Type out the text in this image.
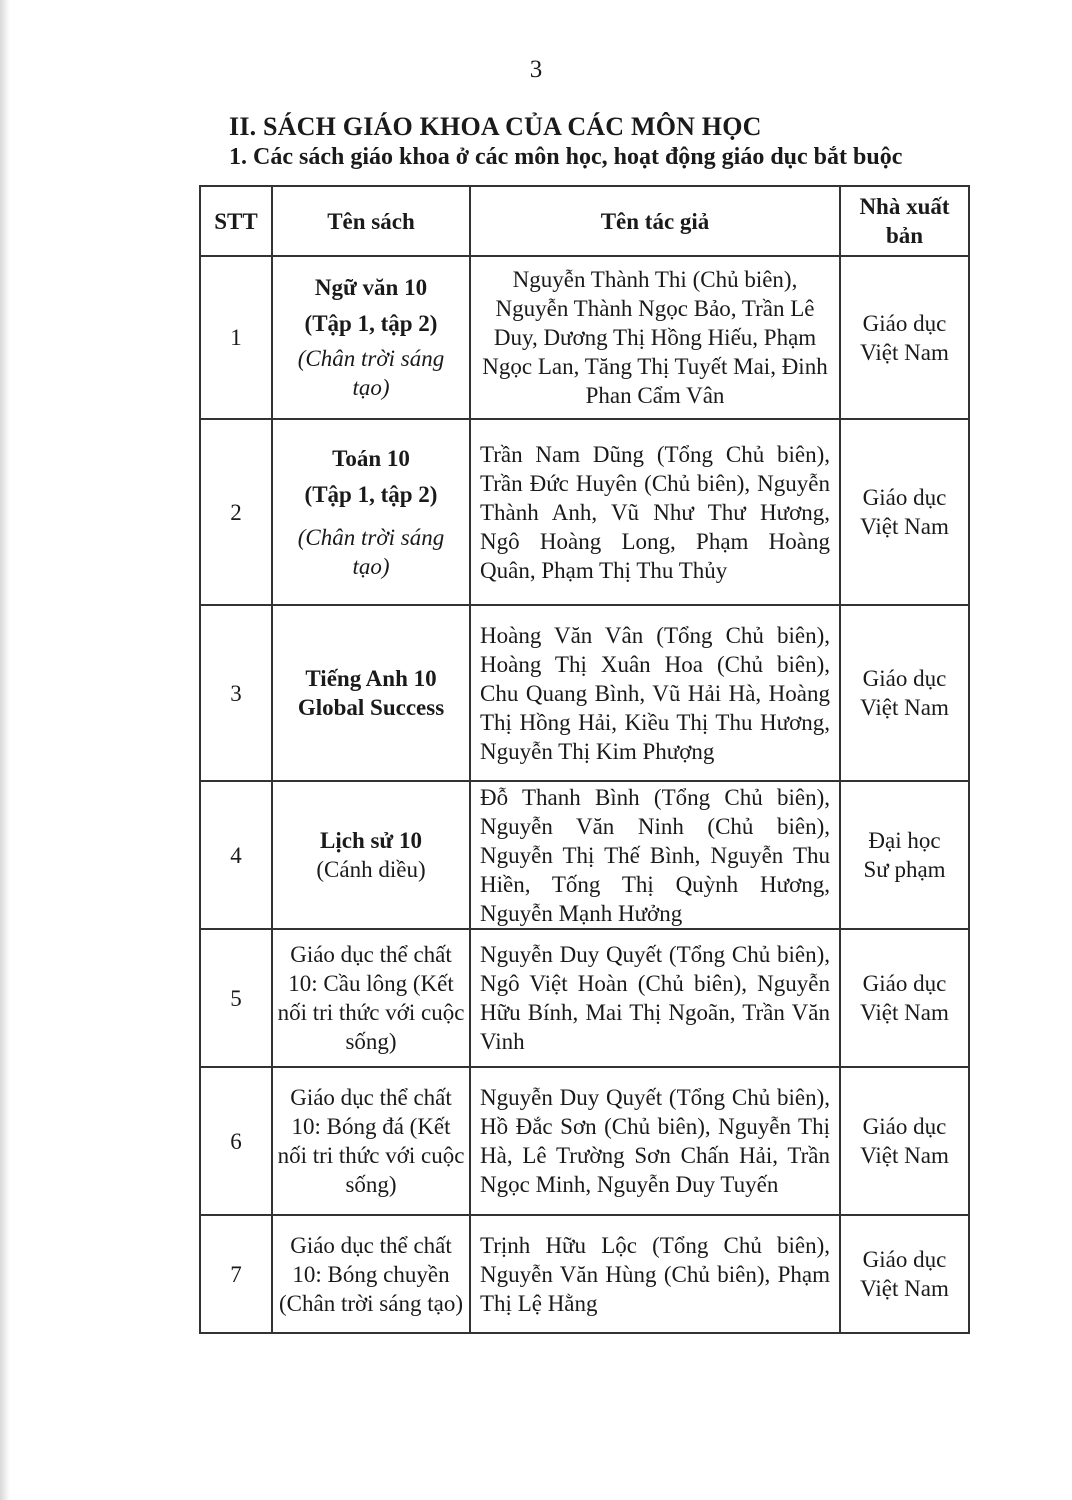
3
II. SÁCH GIÁO KHOA CỦA CÁC MÔN HỌC
1. Các sách giáo khoa ở các môn học, hoạt động giáo dục bắt buộc
STT	Tên sách	Tên tác giả	Nhà xuất bản
1	Ngữ văn 10
(Tập 1, tập 2)
(Chân trời sáng tạo)	Nguyễn Thành Thi (Chủ biên), Nguyễn Thành Ngọc Bảo, Trần Lê Duy, Dương Thị Hồng Hiếu, Phạm Ngọc Lan, Tăng Thị Tuyết Mai, Đinh Phan Cẩm Vân	Giáo dục Việt Nam
2	Toán 10
(Tập 1, tập 2)
(Chân trời sáng tạo)	Trần Nam Dũng (Tổng Chủ biên), Trần Đức Huyên (Chủ biên), Nguyễn Thành Anh, Vũ Như Thư Hương, Ngô Hoàng Long, Phạm Hoàng Quân, Phạm Thị Thu Thủy	Giáo dục Việt Nam
3	Tiếng Anh 10 Global Success	Hoàng Văn Vân (Tổng Chủ biên), Hoàng Thị Xuân Hoa (Chủ biên), Chu Quang Bình, Vũ Hải Hà, Hoàng Thị Hồng Hải, Kiều Thị Thu Hương, Nguyễn Thị Kim Phượng	Giáo dục Việt Nam
4	Lịch sử 10
(Cánh diều)	Đỗ Thanh Bình (Tổng Chủ biên), Nguyễn Văn Ninh (Chủ biên), Nguyễn Thị Thế Bình, Nguyễn Thu Hiền, Tống Thị Quỳnh Hương, Nguyễn Mạnh Hưởng	Đại học Sư phạm
5	Giáo dục thể chất 10: Cầu lông (Kết nối tri thức với cuộc sống)	Nguyễn Duy Quyết (Tổng Chủ biên), Ngô Việt Hoàn (Chủ biên), Nguyễn Hữu Bính, Mai Thị Ngoãn, Trần Văn Vinh	Giáo dục Việt Nam
6	Giáo dục thể chất 10: Bóng đá (Kết nối tri thức với cuộc sống)	Nguyễn Duy Quyết (Tổng Chủ biên), Hồ Đắc Sơn (Chủ biên), Nguyễn Thị Hà, Lê Trường Sơn Chấn Hải, Trần Ngọc Minh, Nguyễn Duy Tuyến	Giáo dục Việt Nam
7	Giáo dục thể chất 10: Bóng chuyền (Chân trời sáng tạo)	Trịnh Hữu Lộc (Tổng Chủ biên), Nguyễn Văn Hùng (Chủ biên), Phạm Thị Lệ Hằng	Giáo dục Việt Nam
